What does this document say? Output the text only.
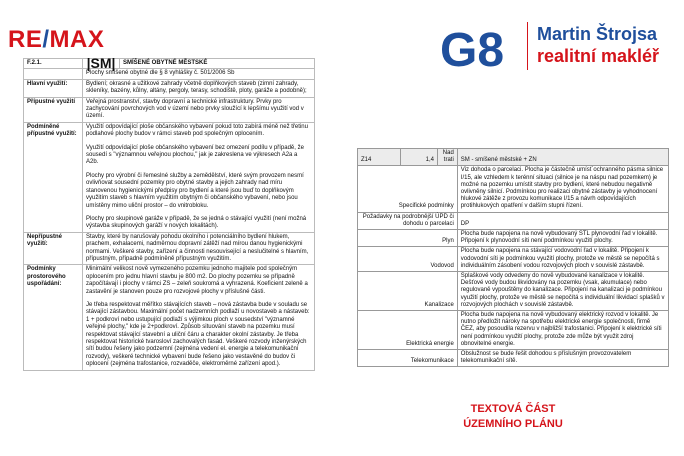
RE/MAX	G8 Martin Štrojsa
realitní makléř
F.2.1.		|SM|	SMÍŠENÉ OBYTNÉ MĚSTSKÉ

	Plochy smíšené obytné dle § 8 vyhlášky č. 501/2006 Sb
Hlavní využití:	Bydlení; okrasné a užitkové zahrady včetně doplňkových staveb (zimní zahrady, skleníky, bazény, kůlny, altány, pergoly, terasy, schodiště, ploty, garáže a podobně);

Přípustné využití	Veřejná prostranství, stavby dopravní a technické infrastruktury. Prvky pro zachycování povrchových vod v území nebo prvky sloužící k lepšímu využití vod v území.

Podmíněné přípustné využití:	

Využití odpovídající ploše občanského vybavení pokud toto zabírá méně než třetinu podlahové plochy budov v rámci staveb pod společným oplocením.

Využití odpovídající ploše občanského vybavení bez omezení podílu v případě, že sousedí s "významnou veřejnou plochou," jak je zakreslena ve výkresech A2a a A2b.

Plochy pro výrobní či řemeslné služby a zemědělství, které svým provozem nesmí ovlivňovat sousední pozemky pro obytné stavby a jejich zahrady nad míru stanovenou hygienickými předpisy pro bydlení a které jsou buď to doplňkovým využitím staveb s hlavním využitím obytným či občanského vybavení, nebo jsou umístěny mimo uliční prostor – do vnitrobloku.

Plochy pro skupinové garáže v případě, že se jedná o stávající využití (není možná výstavba skupinových garáží v nových lokalitách).

Nepřípustné využití:	

Stavby, které by narušovaly pohodu okolního i potenciálního bydlení hlukem, prachem, exhalacemi, nadměrnou dopravní zátěží nad mírou danou hygienickými normami. Veškeré stavby, zařízení a činnosti nesouvisející a neslučitelné s hlavním, přípustným, případně podmíněně přípustným využitím.

Podmínky prostorového uspořádání:	

Minimální velikost nově vymezeného pozemku jednoho majitele pod společným oplocením pro jednu hlavní stavbu je 800 m2. Do plochy pozemku se případně započítávají i plochy v rámci ZS – zeleň soukromá a vyhrazená. Koeficient zeleně a zastavění je stanoven pouze pro rozvojové plochy v příslušné části.

Je třeba respektovat měřítko stávajících staveb – nová zástavba bude v souladu se stávající zástavbou. Maximální počet nadzemních podlaží u novostaveb a nástaveb: 1 + podkroví nebo ustupující podlaží s výjimkou ploch v sousedství "významné veřejné plochy," kde je 2+podkroví. Způsob situování staveb na pozemku musí respektovat stávající stavební a uliční čáru a charakter okolní zástavby. Je třeba respektovat historické tvarosloví zachovalých fasád. Veškeré rozvody inženýrských sítí budou řešeny jako podzemní (zejména vedení el. energie a telekomunikační rozvody), veškeré technické vybavení bude řešeno jako vestavěné do budov či oplocení (zejména trafostanice, rozvaděče, elektroměrné zařízení apod.).

Z14	1,4	Nad trati	SM - smíšené městské + ZN
Specifické podmínky			Viz dohoda o parcelaci. Plocha je částečně umíst´ochranného pásma silnice I/15, ale vzhledem k terénní situaci (silnice je na náspu nad pozemkem) je možné na pozemku umístit stavby pro bydlení, které nebudou negativně ovlivněny silnicí. Podmínkou pro realizaci obytné zástavby je vyhodnocení hlukové zátěže z provozu komunikace I/15 a návrh odpovídajících protihlukových opatření v dalším stupni řízení.
Požadavky na podrobnější ÚPD či dohodu o parcelaci			DP
Plyn			Plocha bude napojena na nově vybudovaný STL plynovodní řad v lokalitě. Připojení k plynovodní síti není podmínkou využití plochy.
Vodovod			Plocha bude napojena na stávající vodovodní řad v lokalitě. Připojení k vodovodní síti je podmínkou využití plochy, protože ve městě se nepočítá s individuálním zásobení vodou rozvojových ploch v souvislé zástavbě.
Kanalizace			Splaškové vody odvedeny do nově vybudované kanalizace v lokalitě. Dešťové vody budou likvidovány na pozemku (vsak, akumulace) nebo regulovaně vypouštěny do kanalizace. Připojení na kanalizaci je podmínkou využití plochy, protože ve městě se nepočítá s individuální likvidací splašků v rozvojových plochách v souvislé zástavbě.
Elektrická energie			Plocha bude napojena na nově vybudovaný elektrický rozvod v lokalitě. Je nutno předložit nároky na spotřebu elektrické energie společnosti, firmě ČEZ, aby posoudila rezervu v najbližší trafostanici. Připojení k elektrické síti není podmínkou využití plochy, protože zde může být využit zdroj obnovitelné energie.
Telekomunikace			Obslužnost se bude řešit dohodou s příslušným provozovatelem telekomunikační sítě.
TEXTOVÁ ČÁST
ÚZEMNÍHO PLÁNU
